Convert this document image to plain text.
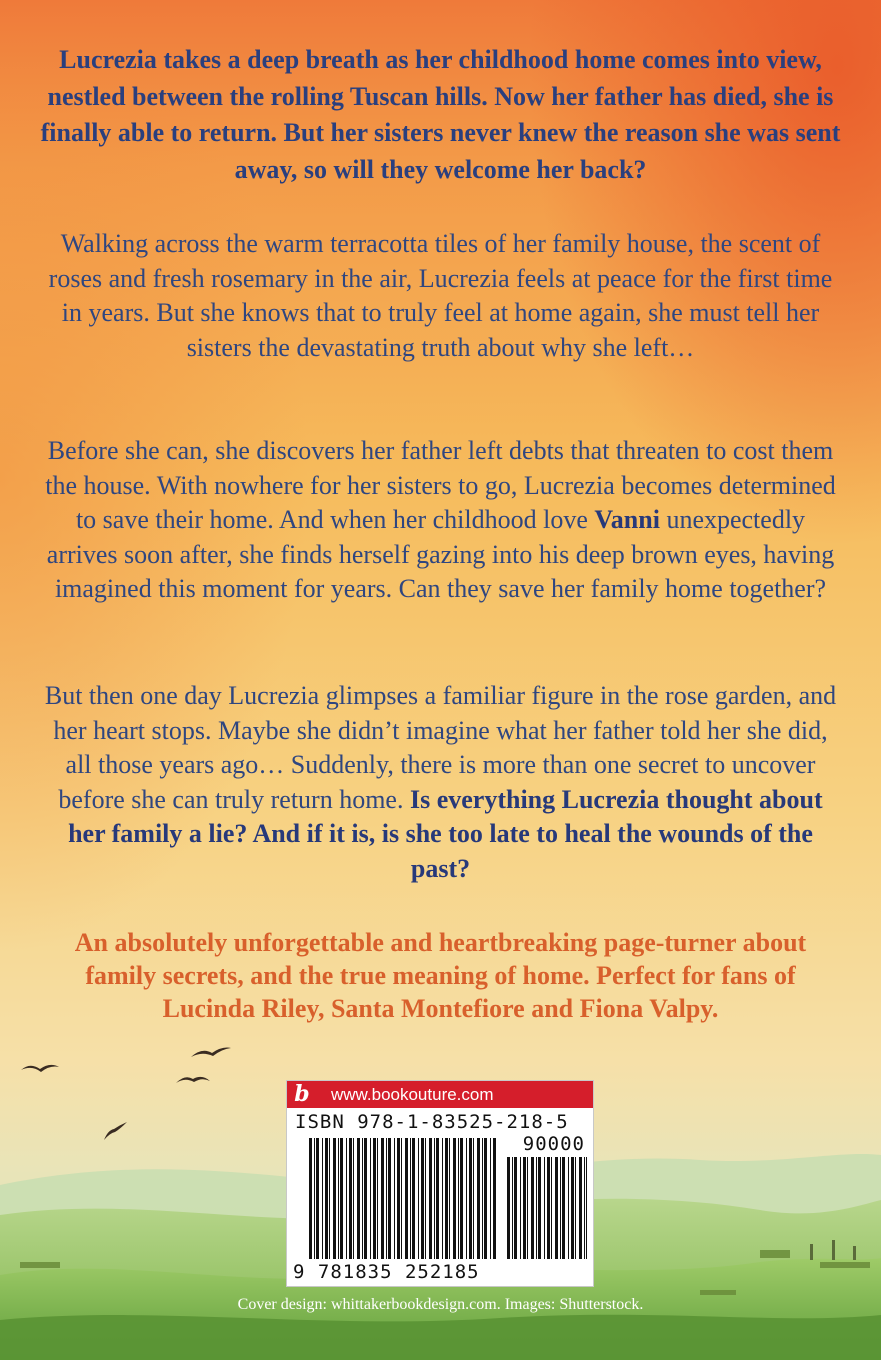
Lucrezia takes a deep breath as her childhood home comes into view, nestled between the rolling Tuscan hills. Now her father has died, she is finally able to return. But her sisters never knew the reason she was sent away, so will they welcome her back?

Walking across the warm terracotta tiles of her family house, the scent of roses and fresh rosemary in the air, Lucrezia feels at peace for the first time in years. But she knows that to truly feel at home again, she must tell her sisters the devastating truth about why she left…

Before she can, she discovers her father left debts that threaten to cost them the house. With nowhere for her sisters to go, Lucrezia becomes determined to save their home. And when her childhood love Vanni unexpectedly arrives soon after, she finds herself gazing into his deep brown eyes, having imagined this moment for years. Can they save her family home together?

But then one day Lucrezia glimpses a familiar figure in the rose garden, and her heart stops. Maybe she didn’t imagine what her father told her she did, all those years ago… Suddenly, there is more than one secret to uncover before she can truly return home. Is everything Lucrezia thought about her family a lie? And if it is, is she too late to heal the wounds of the past?

An absolutely unforgettable and heartbreaking page-turner about family secrets, and the true meaning of home. Perfect for fans of Lucinda Riley, Santa Montefiore and Fiona Valpy.

b www.bookouture.com
ISBN 978-1-83525-218-5
90000
9 781835 252185
Cover design: whittakerbookdesign.com. Images: Shutterstock.
